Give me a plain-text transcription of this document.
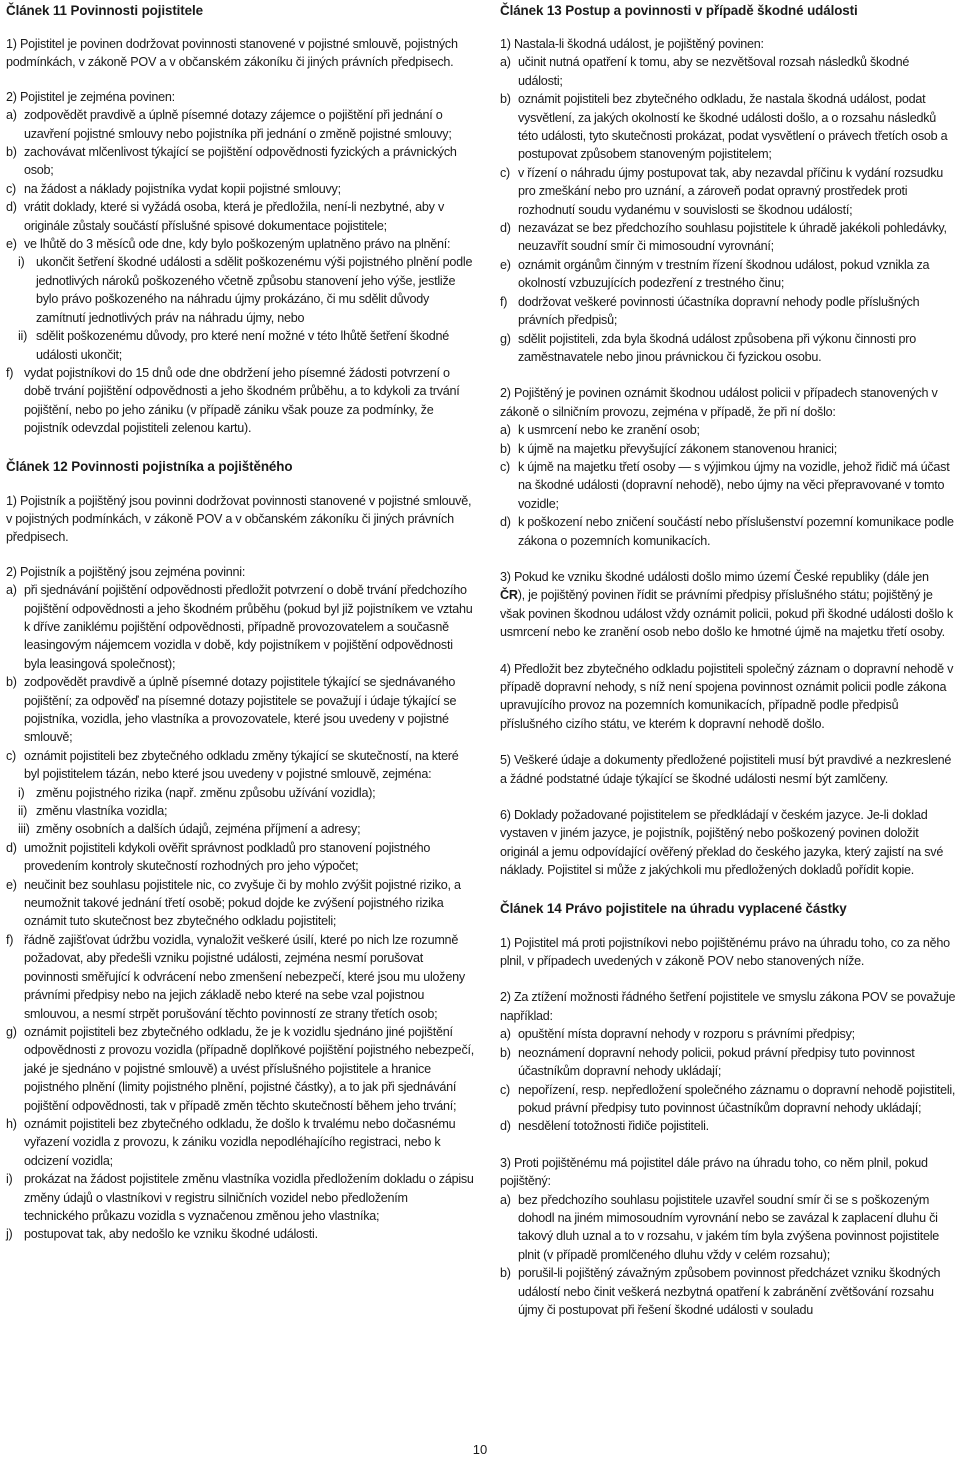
Článek 11 Povinnosti pojistitele

1) Pojistitel je povinen dodržovat povinnosti stanovené v pojistné smlouvě, pojistných podmínkách, v zákoně POV a v občanském zákoníku či jiných právních předpisech.

2) Pojistitel je zejména povinen:

a) zodpovědět pravdivě a úplně písemné dotazy zájemce o pojištění při jednání o uzavření pojistné smlouvy nebo pojistníka při jednání o změně pojistné smlouvy;
b) zachovávat mlčenlivost týkající se pojištění odpovědnosti fyzických a právnických osob;
c) na žádost a náklady pojistníka vydat kopii pojistné smlouvy;
d) vrátit doklady, které si vyžádá osoba, která je předložila, není-li nezbytné, aby v originále zůstaly součástí příslušné spisové dokumentace pojistitele;
e) ve lhůtě do 3 měsíců ode dne, kdy bylo poškozeným uplatněno právo na plnění:
i) ukončit šetření škodné události a sdělit poškozenému výši pojistného plnění podle jednotlivých nároků poškozeného včetně způsobu stanovení jeho výše, jestliže bylo právo poškozeného na náhradu újmy prokázáno, či mu sdělit důvody zamítnutí jednotlivých práv na náhradu újmy, nebo
ii) sdělit poškozenému důvody, pro které není možné v této lhůtě šetření škodné události ukončit;
f) vydat pojistníkovi do 15 dnů ode dne obdržení jeho písemné žádosti potvrzení o době trvání pojištění odpovědnosti a jeho škodném průběhu, a to kdykoli za trvání pojištění, nebo po jeho zániku (v případě zániku však pouze za podmínky, že pojistník odevzdal pojistiteli zelenou kartu).
Článek 12 Povinnosti pojistníka a pojištěného

1) Pojistník a pojištěný jsou povinni dodržovat povinnosti stanovené v pojistné smlouvě, v pojistných podmínkách, v zákoně POV a v občanském zákoníku či jiných právních předpisech.

2) Pojistník a pojištěný jsou zejména povinni:

a) při sjednávání pojištění odpovědnosti předložit potvrzení o době trvání předchozího pojištění odpovědnosti a jeho škodném průběhu (pokud byl již pojistníkem ve vztahu k dříve zaniklému pojištění odpovědnosti, případně provozovatelem a současně leasingovým nájemcem vozidla v době, kdy pojistníkem v pojištění odpovědnosti byla leasingová společnost);
b) zodpovědět pravdivě a úplně písemné dotazy pojistitele týkající se sjednávaného pojištění; za odpověď na písemné dotazy pojistitele se považují i údaje týkající se pojistníka, vozidla, jeho vlastníka a provozovatele, které jsou uvedeny v pojistné smlouvě;
c) oznámit pojistiteli bez zbytečného odkladu změny týkající se skutečností, na které byl pojistitelem tázán, nebo které jsou uvedeny v pojistné smlouvě, zejména:
i) změnu pojistného rizika (např. změnu způsobu užívání vozidla);
ii) změnu vlastníka vozidla;
iii) změny osobních a dalších údajů, zejména příjmení a adresy;
d) umožnit pojistiteli kdykoli ověřit správnost podkladů pro stanovení pojistného provedením kontroly skutečností rozhodných pro jeho výpočet;
e) neučinit bez souhlasu pojistitele nic, co zvyšuje či by mohlo zvýšit pojistné riziko, a neumožnit takové jednání třetí osobě; pokud dojde ke zvýšení pojistného rizika oznámit tuto skutečnost bez zbytečného odkladu pojistiteli;
f) řádně zajišťovat údržbu vozidla, vynaložit veškeré úsilí, které po nich lze rozumně požadovat, aby předešli vzniku pojistné události, zejména nesmí porušovat povinnosti směřující k odvrácení nebo zmenšení nebezpečí, které jsou mu uloženy právními předpisy nebo na jejich základě nebo které na sebe vzal pojistnou smlouvou, a nesmí strpět porušování těchto povinností ze strany třetích osob;
g) oznámit pojistiteli bez zbytečného odkladu, že je k vozidlu sjednáno jiné pojištění odpovědnosti z provozu vozidla (případně doplňkové pojištění pojistného nebezpečí, jaké je sjednáno v pojistné smlouvě) a uvést příslušného pojistitele a hranice pojistného plnění (limity pojistného plnění, pojistné částky), a to jak při sjednávání pojištění odpovědnosti, tak v případě změn těchto skutečností během jeho trvání;
h) oznámit pojistiteli bez zbytečného odkladu, že došlo k trvalému nebo dočasnému vyřazení vozidla z provozu, k zániku vozidla nepodléhajícího registraci, nebo k odcizení vozidla;
i) prokázat na žádost pojistitele změnu vlastníka vozidla předložením dokladu o zápisu změny údajů o vlastníkovi v registru silničních vozidel nebo předložením technického průkazu vozidla s vyznačenou změnou jeho vlastníka;
j) postupovat tak, aby nedošlo ke vzniku škodné události.
Článek 13 Postup a povinnosti v případě škodné události

1) Nastala-li škodná událost, je pojištěný povinen:

a) učinit nutná opatření k tomu, aby se nezvětšoval rozsah následků škodné události;
b) oznámit pojistiteli bez zbytečného odkladu, že nastala škodná událost, podat vysvětlení, za jakých okolností ke škodné události došlo, a o rozsahu následků této události, tyto skutečnosti prokázat, podat vysvětlení o právech třetích osob a postupovat způsobem stanoveným pojistitelem;
c) v řízení o náhradu újmy postupovat tak, aby nezavdal příčinu k vydání rozsudku pro zmeškání nebo pro uznání, a zároveň podat opravný prostředek proti rozhodnutí soudu vydanému v souvislosti se škodnou událostí;
d) nezavázat se bez předchozího souhlasu pojistitele k úhradě jakékoli pohledávky, neuzavřít soudní smír či mimosoudní vyrovnání;
e) oznámit orgánům činným v trestním řízení škodnou událost, pokud vznikla za okolností vzbuzujících podezření z trestného činu;
f) dodržovat veškeré povinnosti účastníka dopravní nehody podle příslušných právních předpisů;
g) sdělit pojistiteli, zda byla škodná událost způsobena při výkonu činnosti pro zaměstnavatele nebo jinou právnickou či fyzickou osobu.

2) Pojištěný je povinen oznámit škodnou událost policii v případech stanovených v zákoně o silničním provozu, zejména v případě, že při ní došlo:

a) k usmrcení nebo ke zranění osob;
b) k újmě na majetku převyšující zákonem stanovenou hranici;
c) k újmě na majetku třetí osoby — s výjimkou újmy na vozidle, jehož řidič má účast na škodné události (dopravní nehodě), nebo újmy na věci přepravované v tomto vozidle;
d) k poškození nebo zničení součástí nebo příslušenství pozemní komunikace podle zákona o pozemních komunikacích.

3) Pokud ke vzniku škodné události došlo mimo území České republiky (dále jen ČR), je pojištěný povinen řídit se právními předpisy příslušného státu; pojištěný je však povinen škodnou událost vždy oznámit policii, pokud při škodné události došlo k usmrcení nebo ke zranění osob nebo došlo ke hmotné újmě na majetku třetí osoby.

4) Předložit bez zbytečného odkladu pojistiteli společný záznam o dopravní nehodě v případě dopravní nehody, s níž není spojena povinnost oznámit policii podle zákona upravujícího provoz na pozemních komunikacích, případně podle předpisů příslušného cizího státu, ve kterém k dopravní nehodě došlo.

5) Veškeré údaje a dokumenty předložené pojistiteli musí být pravdivé a nezkreslené a žádné podstatné údaje týkající se škodné události nesmí být zamlčeny.

6) Doklady požadované pojistitelem se předkládají v českém jazyce. Je-li doklad vystaven v jiném jazyce, je pojistník, pojištěný nebo poškozený povinen doložit originál a jemu odpovídající ověřený překlad do českého jazyka, který zajistí na své náklady. Pojistitel si může z jakýchkoli mu předložených dokladů pořídit kopie.

Článek 14 Právo pojistitele na úhradu vyplacené částky

1) Pojistitel má proti pojistníkovi nebo pojištěnému právo na úhradu toho, co za něho plnil, v případech uvedených v zákoně POV nebo stanovených níže.

2) Za ztížení možnosti řádného šetření pojistitele ve smyslu zákona POV se považuje například:

a) opuštění místa dopravní nehody v rozporu s právními předpisy;
b) neoznámení dopravní nehody policii, pokud právní předpisy tuto povinnost účastníkům dopravní nehody ukládají;
c) nepořízení, resp. nepředložení společného záznamu o dopravní nehodě pojistiteli, pokud právní předpisy tuto povinnost účastníkům dopravní nehody ukládají;
d) nesdělení totožnosti řidiče pojistiteli.

3) Proti pojištěnému má pojistitel dále právo na úhradu toho, co něm plnil, pokud pojištěný:

a) bez předchozího souhlasu pojistitele uzavřel soudní smír či se s poškozeným dohodl na jiném mimosoudním vyrovnání nebo se zavázal k zaplacení dluhu či takový dluh uznal a to v rozsahu, v jakém tím byla zvýšena povinnost pojistitele plnit (v případě promlčeného dluhu vždy v celém rozsahu);
b) porušil-li pojištěný závažným způsobem povinnost předcházet vzniku škodných událostí nebo činit veškerá nezbytná opatření k zabránění zvětšování rozsahu újmy či postupovat při řešení škodné události v souladu
10
